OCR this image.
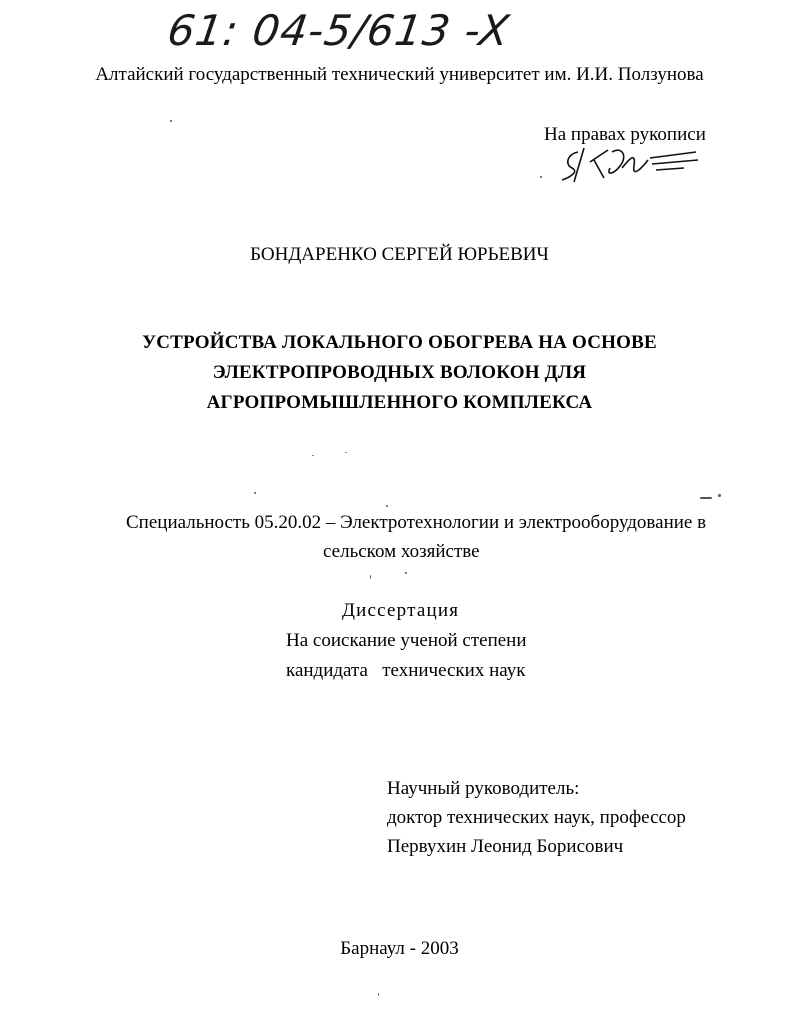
61: 04-5/613 -X
Алтайский государственный технический университет им. И.И. Ползунова
На правах рукописи
БОНДАРЕНКО СЕРГЕЙ ЮРЬЕВИЧ
УСТРОЙСТВА ЛОКАЛЬНОГО ОБОГРЕВА НА ОСНОВЕ
ЭЛЕКТРОПРОВОДНЫХ ВОЛОКОН ДЛЯ
АГРОПРОМЫШЛЕННОГО КОМПЛЕКСА
Специальность 05.20.02 – Электротехнологии и электрооборудование в
сельском хозяйстве
Диссертация
На соискание ученой степени
кандидата   технических наук
Научный руководитель:
доктор технических наук, профессор
Первухин Леонид Борисович
Барнаул - 2003
